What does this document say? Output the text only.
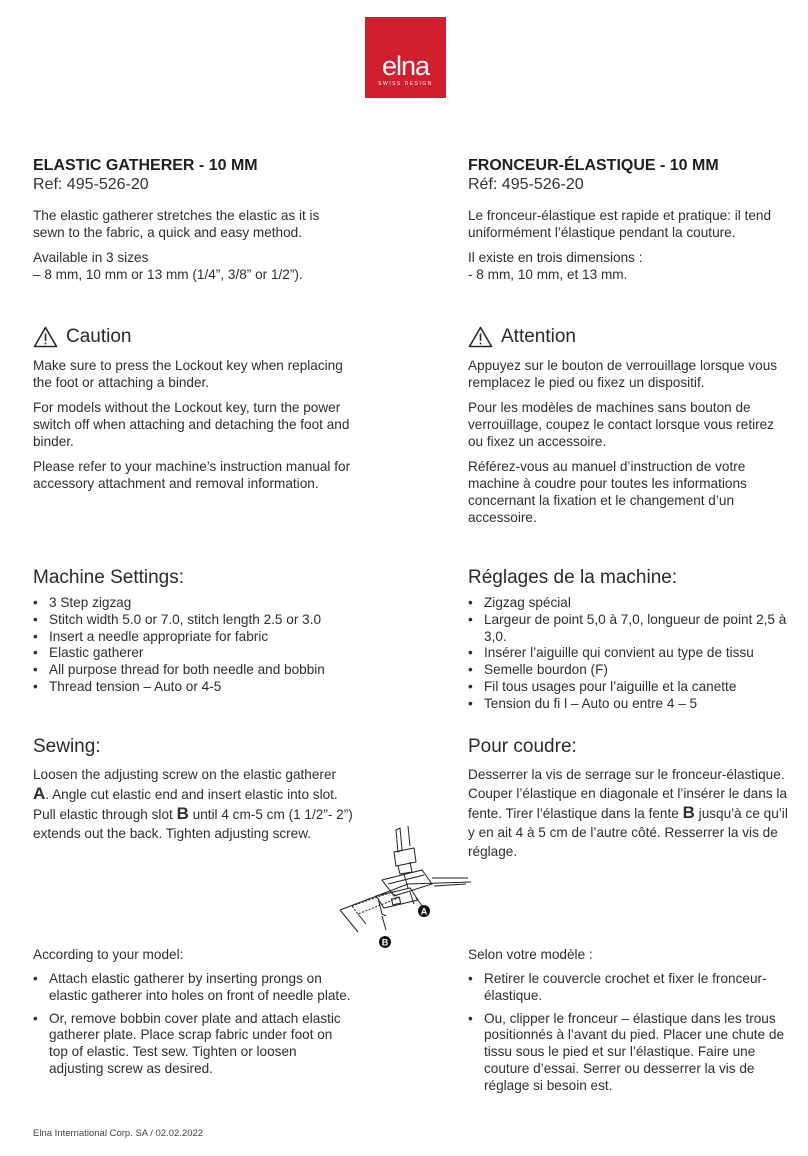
elna
SWISS DESIGN
ELASTIC GATHERER - 10 MM
Ref: 495-526-20

The elastic gatherer stretches the elastic as it is sewn to the fabric, a quick and easy method.

Available in 3 sizes

– 8 mm, 10 mm or 13 mm (1/4”, 3/8” or 1/2”).

Caution

Make sure to press the Lockout key when replacing the foot or attaching a binder.

For models without the Lockout key, turn the power switch off when attaching and detaching the foot and binder.

Please refer to your machine’s instruction manual for accessory attachment and removal information.

Machine Settings:
• 3 Step zigzag
• Stitch width 5.0 or 7.0, stitch length 2.5 or 3.0
• Insert a needle appropriate for fabric
• Elastic gatherer
• All purpose thread for both needle and bobbin
• Thread tension – Auto or 4-5
Sewing:

Loosen the adjusting screw on the elastic gatherer A. Angle cut elastic end and insert elastic into slot. Pull elastic through slot B until 4 cm-5 cm (1 1/2”- 2”) extends out the back. Tighten adjusting screw.

According to your model:

• Attach elastic gatherer by inserting prongs on elastic gatherer into holes on front of needle plate.
• Or, remove bobbin cover plate and attach elastic gatherer plate. Place scrap fabric under foot on top of elastic. Test sew. Tighten or loosen adjusting screw as desired.
FRONCEUR-ÉLASTIQUE - 10 MM
Réf: 495-526-20

Le fronceur-élastique est rapide et pratique: il tend uniformément l’élastique pendant la couture.

Il existe en trois dimensions :

- 8 mm, 10 mm, et 13 mm.

Attention

Appuyez sur le bouton de verrouillage lorsque vous remplacez le pied ou fixez un dispositif.

Pour les modèles de machines sans bouton de verrouillage, coupez le contact lorsque vous retirez ou fixez un accessoire.

Référez-vous au manuel d’instruction de votre machine à coudre pour toutes les informations concernant la fixation et le changement d’un accessoire.

Réglages de la machine:
• Zigzag spécial
• Largeur de point 5,0 à 7,0, longueur de point 2,5 à 3,0.
• Insérer l’aiguille qui convient au type de tissu
• Semelle bourdon (F)
• Fil tous usages pour l’aiguille et la canette
• Tension du fi l – Auto ou entre 4 – 5
Pour coudre:

Desserrer la vis de serrage sur le fronceur-élastique. Couper l’élastique en diagonale et l’insérer le dans la fente. Tirer l’élastique dans la fente B jusqu’à ce qu’il y en ait 4 à 5 cm de l’autre côté. Resserrer la vis de réglage.

Selon votre modèle :

• Retirer le couvercle crochet et fixer le fronceur-élastique.
• Ou, clipper le fronceur – élastique dans les trous positionnés à l’avant du pied. Placer une chute de tissu sous le pied et sur l’élastique. Faire une couture d’essai. Serrer ou desserrer la vis de réglage si besoin est.
A
B
Elna International Corp. SA / 02.02.2022
